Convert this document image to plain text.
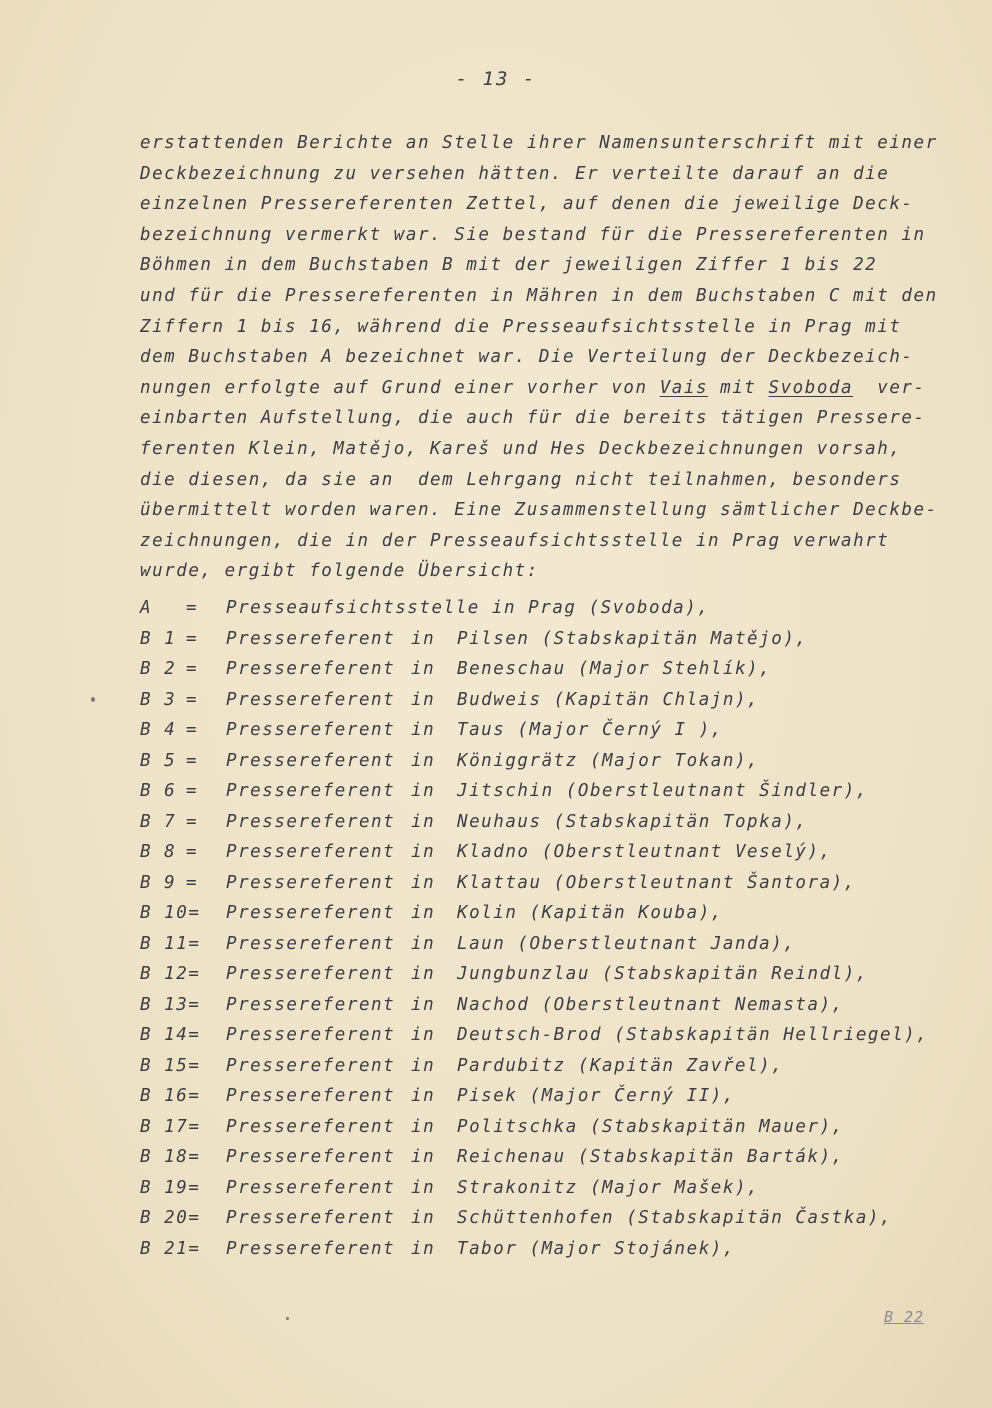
- 13 -
erstattenden Berichte an Stelle ihrer Namensunterschrift mit einer
Deckbezeichnung zu versehen hätten. Er verteilte darauf an die
einzelnen Pressereferenten Zettel, auf denen die jeweilige Deck-
bezeichnung vermerkt war. Sie bestand für die Pressereferenten in
Böhmen in dem Buchstaben B mit der jeweiligen Ziffer 1 bis 22
und für die Pressereferenten in Mähren in dem Buchstaben C mit den
Ziffern 1 bis 16, während die Presseaufsichtsstelle in Prag mit
dem Buchstaben A bezeichnet war. Die Verteilung der Deckbezeich-
nungen erfolgte auf Grund einer vorher von Vais mit Svoboda  ver-
einbarten Aufstellung, die auch für die bereits tätigen Pressere-
ferenten Klein, Matějo, Kareš und Hes Deckbezeichnungen vorsah,
die diesen, da sie an  dem Lehrgang nicht teilnahmen, besonders
übermittelt worden waren. Eine Zusammenstellung sämtlicher Deckbe-
zeichnungen, die in der Presseaufsichtsstelle in Prag verwahrt
wurde, ergibt folgende Übersicht:
A = Presseaufsichtsstelle in Prag (Svoboda),
B 1 = Pressereferent in Pilsen (Stabskapitän Matějo),
B 2 = Pressereferent in Beneschau (Major Stehlík),
B 3 = Pressereferent in Budweis (Kapitän Chlajn),
B 4 = Pressereferent in Taus (Major Černý I ),
B 5 = Pressereferent in Königgrätz (Major Tokan),
B 6 = Pressereferent in Jitschin (Oberstleutnant Šindler),
B 7 = Pressereferent in Neuhaus (Stabskapitän Topka),
B 8 = Pressereferent in Kladno (Oberstleutnant Veselý),
B 9 = Pressereferent in Klattau (Oberstleutnant Šantora),
B 10= Pressereferent in Kolin (Kapitän Kouba),
B 11= Pressereferent in Laun (Oberstleutnant Janda),
B 12= Pressereferent in Jungbunzlau (Stabskapitän Reindl),
B 13= Pressereferent in Nachod (Oberstleutnant Nemasta),
B 14= Pressereferent in Deutsch-Brod (Stabskapitän Hellriegel),
B 15= Pressereferent in Pardubitz (Kapitän Zavřel),
B 16= Pressereferent in Pisek (Major Černý II),
B 17= Pressereferent in Politschka (Stabskapitän Mauer),
B 18= Pressereferent in Reichenau (Stabskapitän Barták),
B 19= Pressereferent in Strakonitz (Major Mašek),
B 20= Pressereferent in Schüttenhofen (Stabskapitän Častka),
B 21= Pressereferent in Tabor (Major Stojánek),
B 22
